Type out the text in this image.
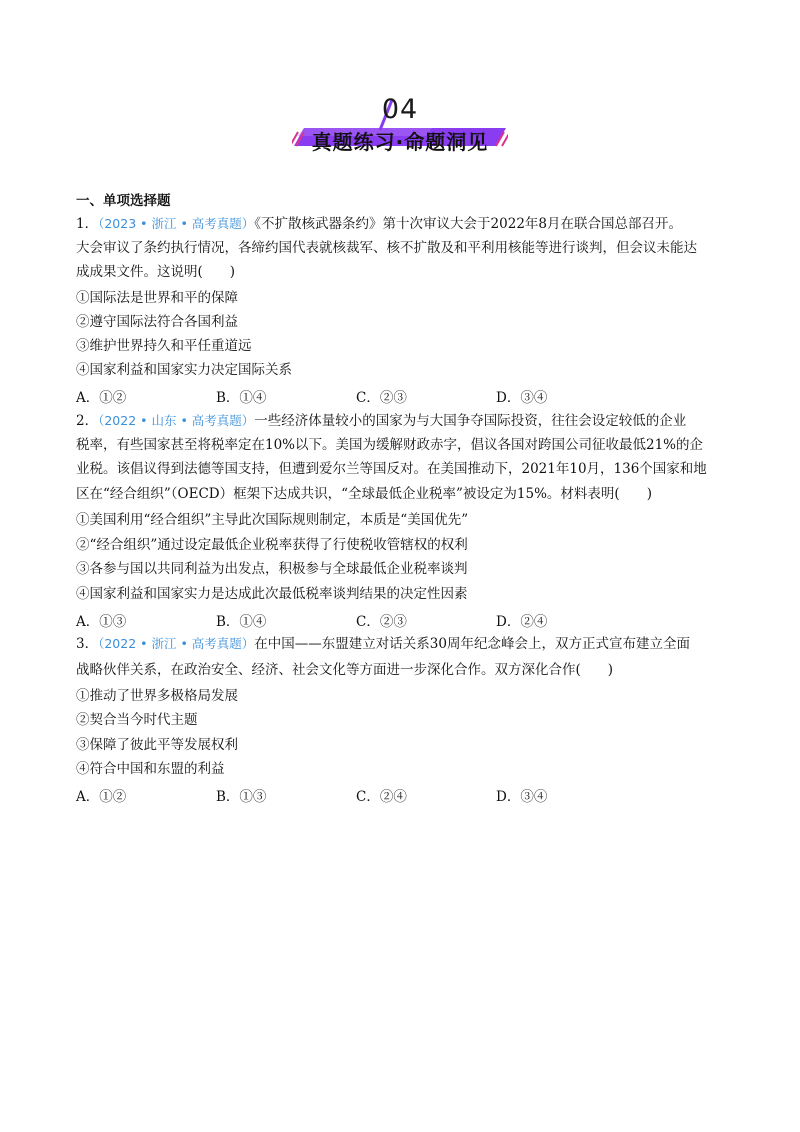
04
真题练习·命题洞见
一、单项选择题
1．（2023 • 浙江 • 高考真题）《不扩散核武器条约》第十次审议大会于2022年8月在联合国总部召开。
大会审议了条约执行情况，各缔约国代表就核裁军、核不扩散及和平利用核能等进行谈判，但会议未能达
成成果文件。这说明(　　)
①国际法是世界和平的保障
②遵守国际法符合各国利益
③维护世界持久和平任重道远
④国家利益和国家实力决定国际关系
A．①②	B．①④	C．②③	D．③④
2．（2022 • 山东 • 高考真题）一些经济体量较小的国家为与大国争夺国际投资，往往会设定较低的企业
税率，有些国家甚至将税率定在10%以下。美国为缓解财政赤字，倡议各国对跨国公司征收最低21%的企
业税。该倡议得到法德等国支持，但遭到爱尔兰等国反对。在美国推动下，2021年10月，136个国家和地
区在“经合组织”（OECD）框架下达成共识，“全球最低企业税率”被设定为15%。材料表明(　　)
①美国利用“经合组织”主导此次国际规则制定，本质是“美国优先”
②“经合组织”通过设定最低企业税率获得了行使税收管辖权的权利
③各参与国以共同利益为出发点，积极参与全球最低企业税率谈判
④国家利益和国家实力是达成此次最低税率谈判结果的决定性因素
A．①③	B．①④	C．②③	D．②④
3．（2022 • 浙江 • 高考真题）在中国——东盟建立对话关系30周年纪念峰会上，双方正式宣布建立全面
战略伙伴关系，在政治安全、经济、社会文化等方面进一步深化合作。双方深化合作(　　)
①推动了世界多极格局发展
②契合当今时代主题
③保障了彼此平等发展权利
④符合中国和东盟的利益
A．①②	B．①③	C．②④	D．③④
